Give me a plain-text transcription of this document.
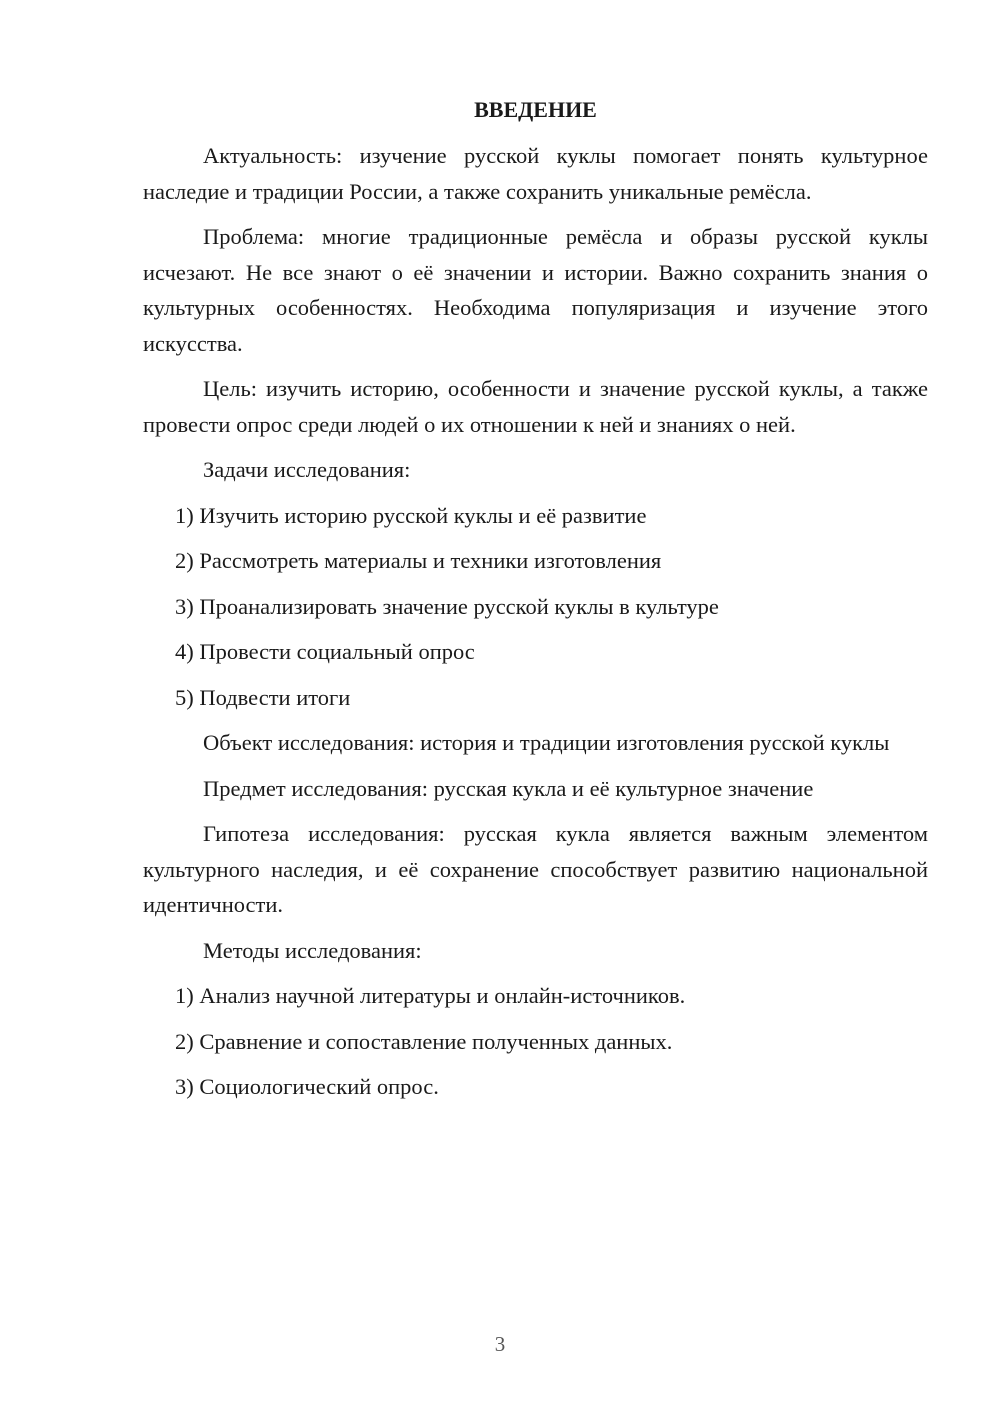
ВВЕДЕНИЕ

Актуальность: изучение русской куклы помогает понять культурное наследие и традиции России, а также сохранить уникальные ремёсла.

Проблема: многие традиционные ремёсла и образы русской куклы исчезают. Не все знают о её значении и истории. Важно сохранить знания о культурных особенностях. Необходима популяризация и изучение этого искусства.

Цель: изучить историю, особенности и значение русской куклы, а также провести опрос среди людей о их отношении к ней и знаниях о ней.

Задачи исследования:

1) Изучить историю русской куклы и её развитие
2) Рассмотреть материалы и техники изготовления
3) Проанализировать значение русской куклы в культуре
4) Провести социальный опрос
5) Подвести итоги

Объект исследования: история и традиции изготовления русской куклы

Предмет исследования: русская кукла и её культурное значение

Гипотеза исследования: русская кукла является важным элементом культурного наследия, и её сохранение способствует развитию национальной идентичности.

Методы исследования:

1) Анализ научной литературы и онлайн-источников.
2) Сравнение и сопоставление полученных данных.
3) Социологический опрос.
3
